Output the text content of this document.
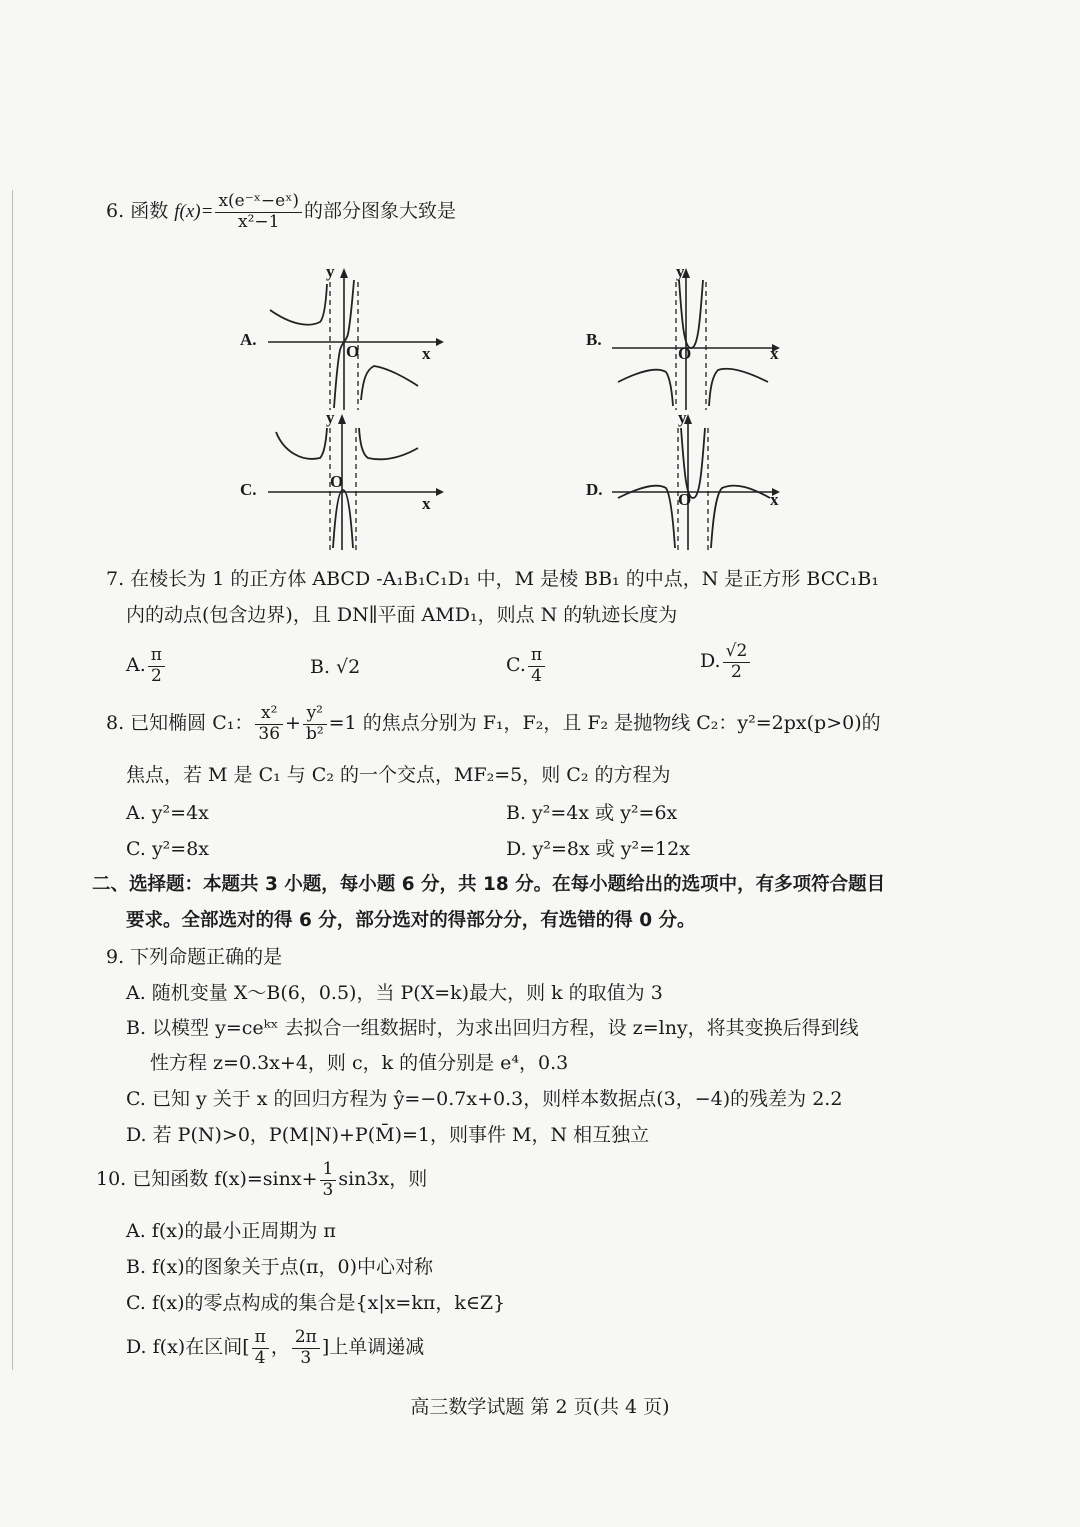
6. 函数 $f(x)= \frac{\text{x(e⁻ˣ−eˣ)}}{\text{x²−1}}$ 的部分图象大致是
A.
y
x
O
B.
y
x
O
C.
y
x
O	D.
y
x
O
7. 在棱长为 1 的正方体 ABCD -A₁B₁C₁D₁ 中，M 是棱 BB₁ 的中点，N 是正方形 BCC₁B₁
内的动点(包含边界)，且 DN∥平面 AMD₁，则点 N 的轨迹长度为
A. $\frac{\pi}{2}$	B. √2	C. $\frac{\pi}{4}$	D. $\frac{√2}{2}$
8. 已知椭圆 C₁： $\frac{\text{x²}}{36} + \frac{\text{y²}}{\text{b²}} =1$ 的焦点分别为 F₁，F₂，且 F₂ 是抛物线 C₂：y²=2px(p>0)的
焦点，若 M 是 C₁ 与 C₂ 的一个交点，MF₂=5，则 C₂ 的方程为
A. y²=4x	B. y²=4x 或 y²=6x
C. y²=8x	D. y²=8x 或 y²=12x
二、选择题：本题共 3 小题，每小题 6 分，共 18 分。在每小题给出的选项中，有多项符合题目
要求。全部选对的得 6 分，部分选对的得部分分，有选错的得 0 分。
9. 下列命题正确的是
A. 随机变量 X～B(6，0.5)，当 P(X=k)最大，则 k 的取值为 3
B. 以模型 y=ceᵏˣ 去拟合一组数据时，为求出回归方程，设 z=lny，将其变换后得到线
性方程 z=0.3x+4，则 c，k 的值分别是 e⁴，0.3
C. 已知 y 关于 x 的回归方程为 ŷ=−0.7x+0.3，则样本数据点(3，−4)的残差为 2.2
D. 若 P(N)>0，P(M|N)+P(M̄)=1，则事件 M，N 相互独立
10. 已知函数 $f(x)=\sin x+ \frac{1}{3} \sin 3x$，则
A. f(x)的最小正周期为 π
B. f(x)的图象关于点(π，0)中心对称
C. f(x)的零点构成的集合是{x|x=kπ，k∈Z}
D. f(x)在区间[ $\frac{\pi}{4}$ ， $\frac{2\pi}{3}$ ]上单调递减
高三数学试题 第 2 页(共 4 页)
